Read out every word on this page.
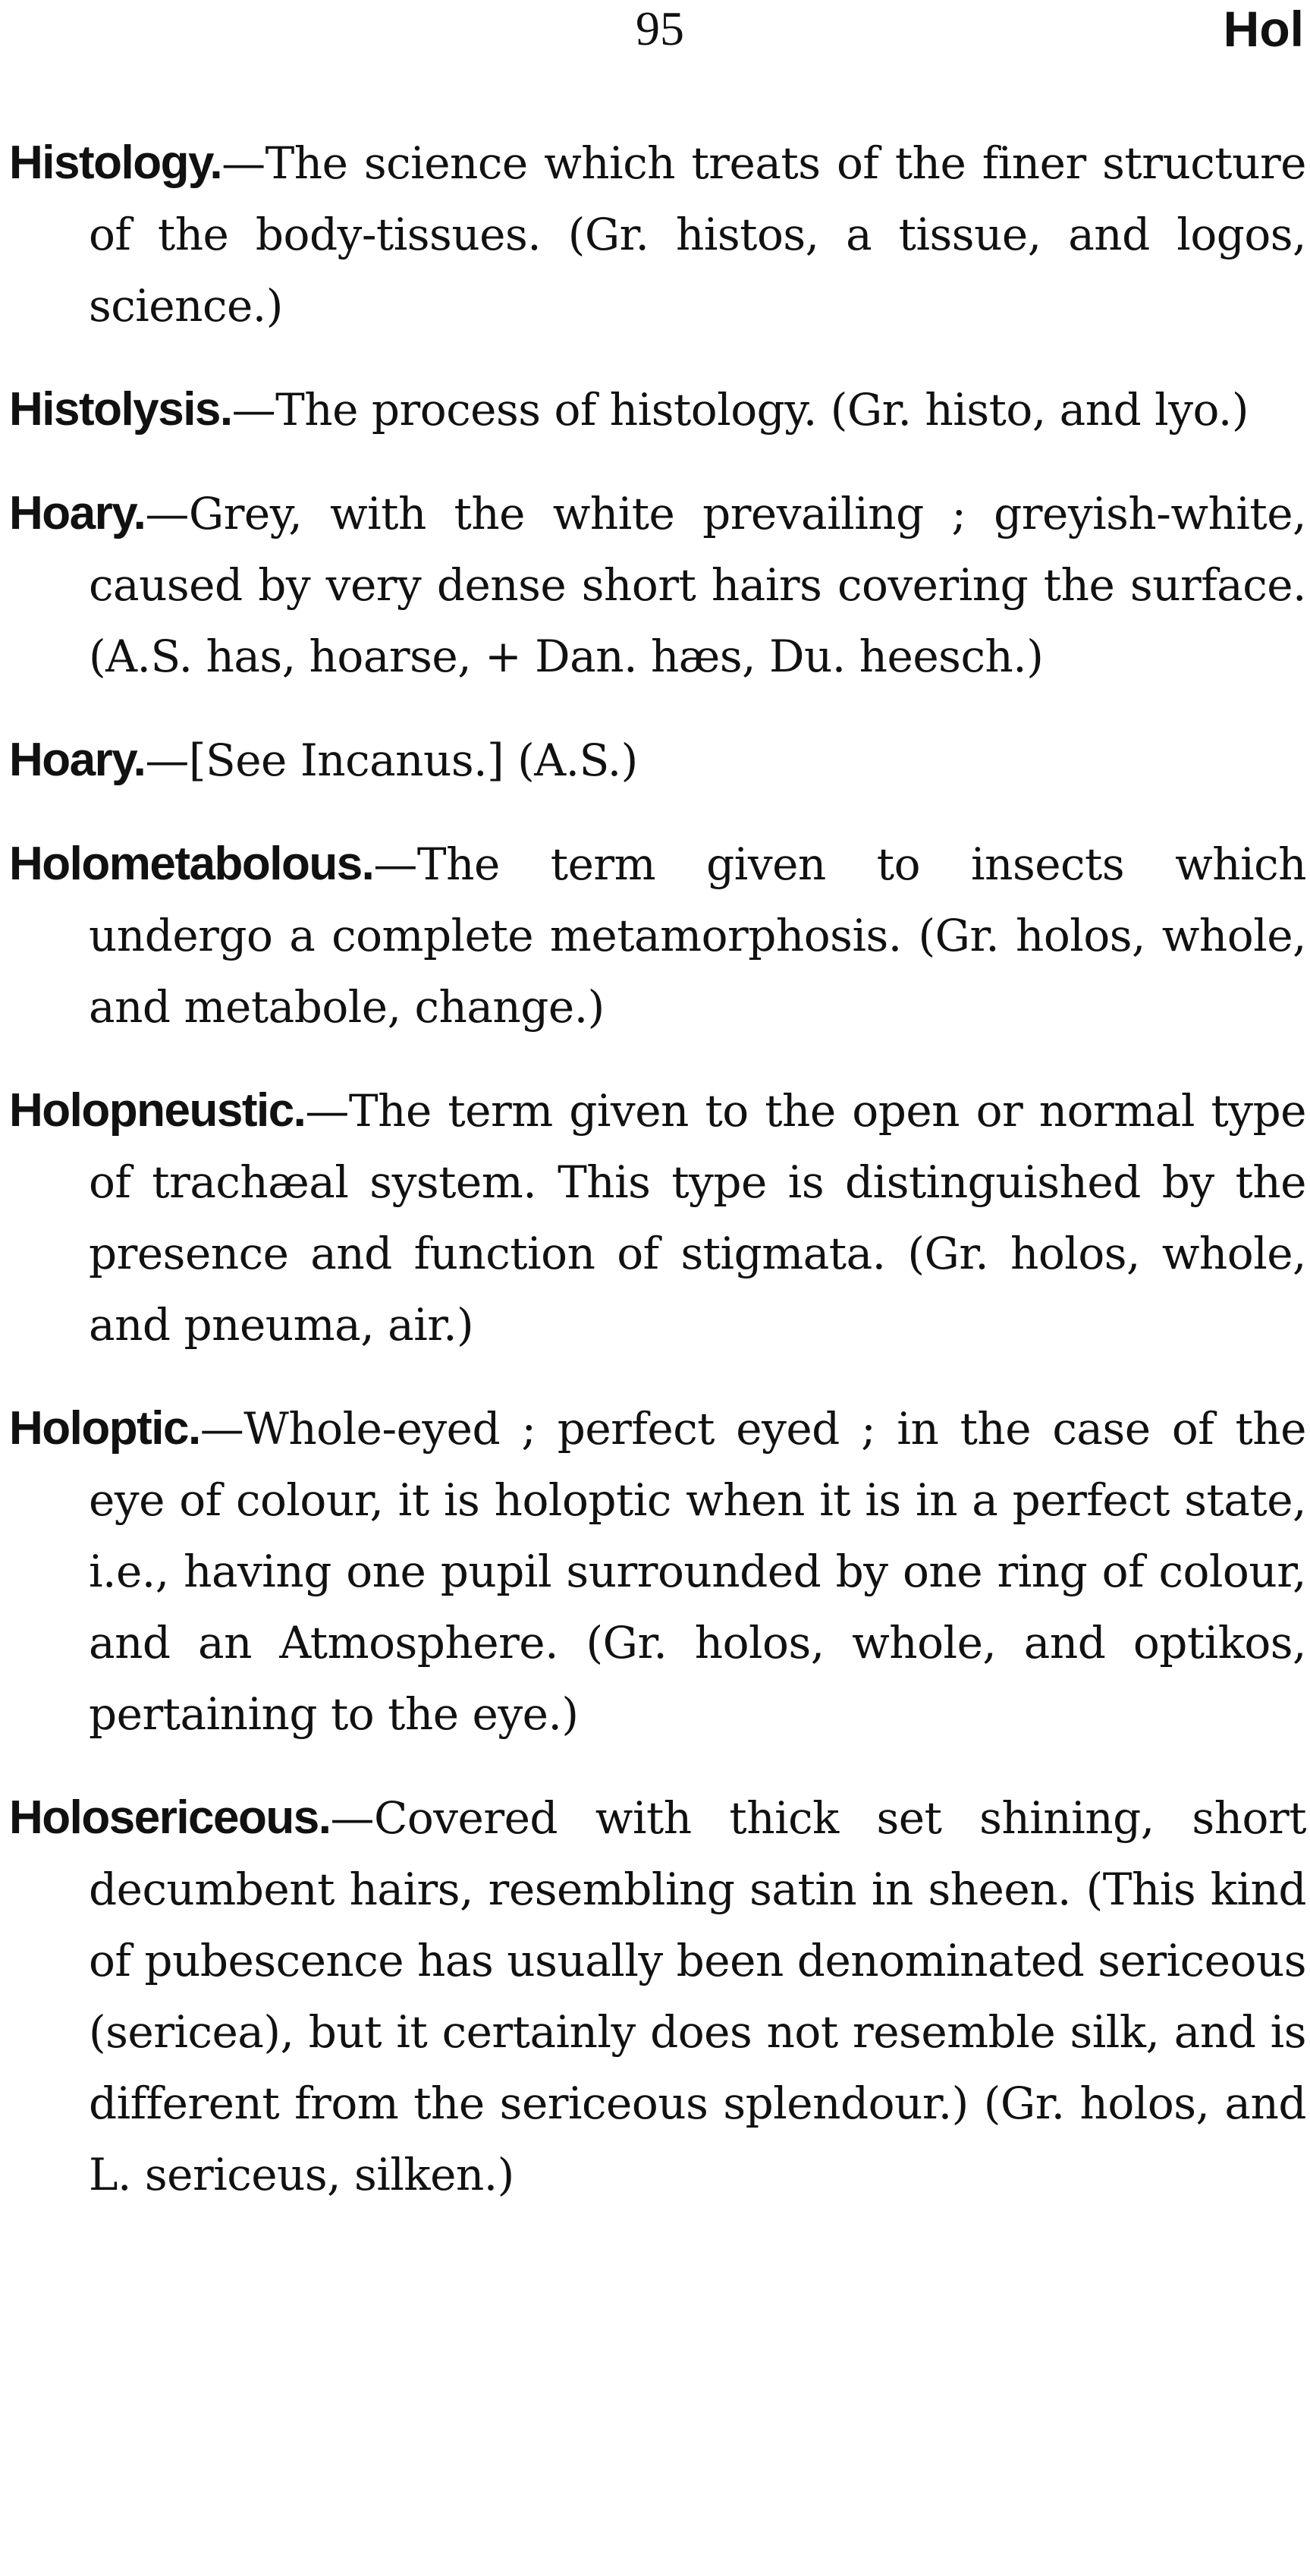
95	Hol

Histology.—The science which treats of the finer structure of the body-tissues. (Gr. histos, a tissue, and logos, science.)

Histolysis.—The process of histology. (Gr. histo, and lyo.)

Hoary.—Grey, with the white prevailing ; greyish-white, caused by very dense short hairs covering the surface. (A.S. has, hoarse, + Dan. hæs, Du. heesch.)

Hoary.—[See Incanus.] (A.S.)

Holometabolous.—The term given to insects which undergo a complete metamorphosis. (Gr. holos, whole, and metabole, change.)

Holopneustic.—The term given to the open or normal type of trachæal system. This type is distinguished by the presence and function of stigmata. (Gr. holos, whole, and pneuma, air.)

Holoptic.—Whole-eyed ; perfect eyed ; in the case of the eye of colour, it is holoptic when it is in a perfect state, i.e., having one pupil surrounded by one ring of colour, and an Atmosphere. (Gr. holos, whole, and optikos, pertaining to the eye.)

Holosericeous.—Covered with thick set shining, short decumbent hairs, resembling satin in sheen. (This kind of pubescence has usually been denominated sericeous (sericea), but it certainly does not resemble silk, and is different from the sericeous splendour.) (Gr. holos, and L. sericeus, silken.)
